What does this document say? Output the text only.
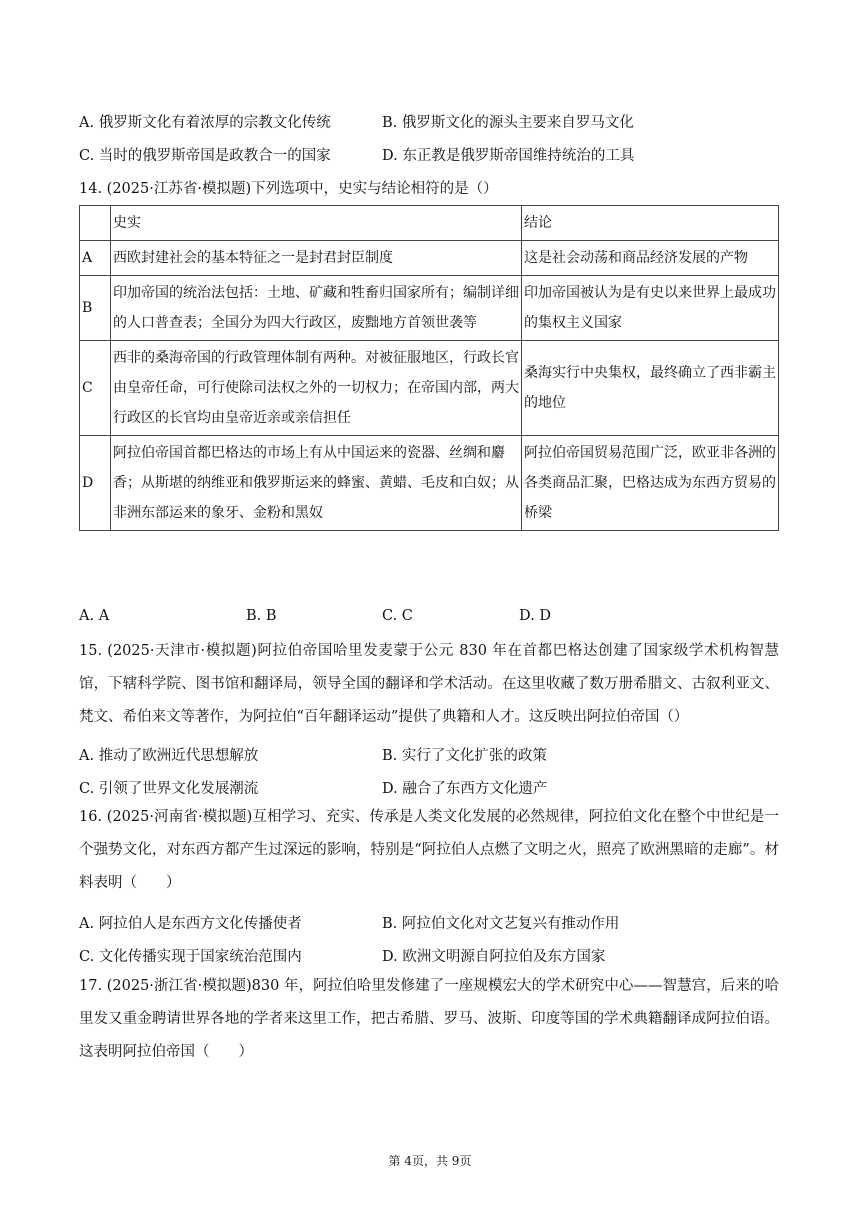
A. 俄罗斯文化有着浓厚的宗教文化传统	B. 俄罗斯文化的源头主要来自罗马文化
C. 当时的俄罗斯帝国是政教合一的国家	D. 东正教是俄罗斯帝国维持统治的工具
14. (2025·江苏省·模拟题)下列选项中，史实与结论相符的是（）
	史实	结论
A	西欧封建社会的基本特征之一是封君封臣制度	这是社会动荡和商品经济发展的产物
B	印加帝国的统治法包括：土地、矿藏和牲畜归国家所有；编制详细的人口普查表；全国分为四大行政区，废黜地方首领世袭等	印加帝国被认为是有史以来世界上最成功的集权主义国家
C	西非的桑海帝国的行政管理体制有两种。对被征服地区，行政长官由皇帝任命，可行使除司法权之外的一切权力；在帝国内部，两大行政区的长官均由皇帝近亲或亲信担任	桑海实行中央集权，最终确立了西非霸主的地位
D	阿拉伯帝国首都巴格达的市场上有从中国运来的瓷器、丝绸和麝香；从斯堪的纳维亚和俄罗斯运来的蜂蜜、黄蜡、毛皮和白奴；从非洲东部运来的象牙、金粉和黑奴	阿拉伯帝国贸易范围广泛，欧亚非各洲的各类商品汇聚，巴格达成为东西方贸易的桥梁
A. A	B. B	C. C	D. D
15. (2025·天津市·模拟题)阿拉伯帝国哈里发麦蒙于公元 830 年在首都巴格达创建了国家级学术机构智慧馆，下辖科学院、图书馆和翻译局，领导全国的翻译和学术活动。在这里收藏了数万册希腊文、古叙利亚文、梵文、希伯来文等著作，为阿拉伯“百年翻译运动”提供了典籍和人才。这反映出阿拉伯帝国（）
A. 推动了欧洲近代思想解放	B. 实行了文化扩张的政策
C. 引领了世界文化发展潮流	D. 融合了东西方文化遗产
16. (2025·河南省·模拟题)互相学习、充实、传承是人类文化发展的必然规律，阿拉伯文化在整个中世纪是一个强势文化，对东西方都产生过深远的影响，特别是“阿拉伯人点燃了文明之火，照亮了欧洲黑暗的走廊”。材料表明（　　）
A. 阿拉伯人是东西方文化传播使者	B. 阿拉伯文化对文艺复兴有推动作用
C. 文化传播实现于国家统治范围内	D. 欧洲文明源自阿拉伯及东方国家
17. (2025·浙江省·模拟题)830 年，阿拉伯哈里发修建了一座规模宏大的学术研究中心——智慧宫，后来的哈里发又重金聘请世界各地的学者来这里工作，把古希腊、罗马、波斯、印度等国的学术典籍翻译成阿拉伯语。这表明阿拉伯帝国（　　）
第 4页，共 9页
